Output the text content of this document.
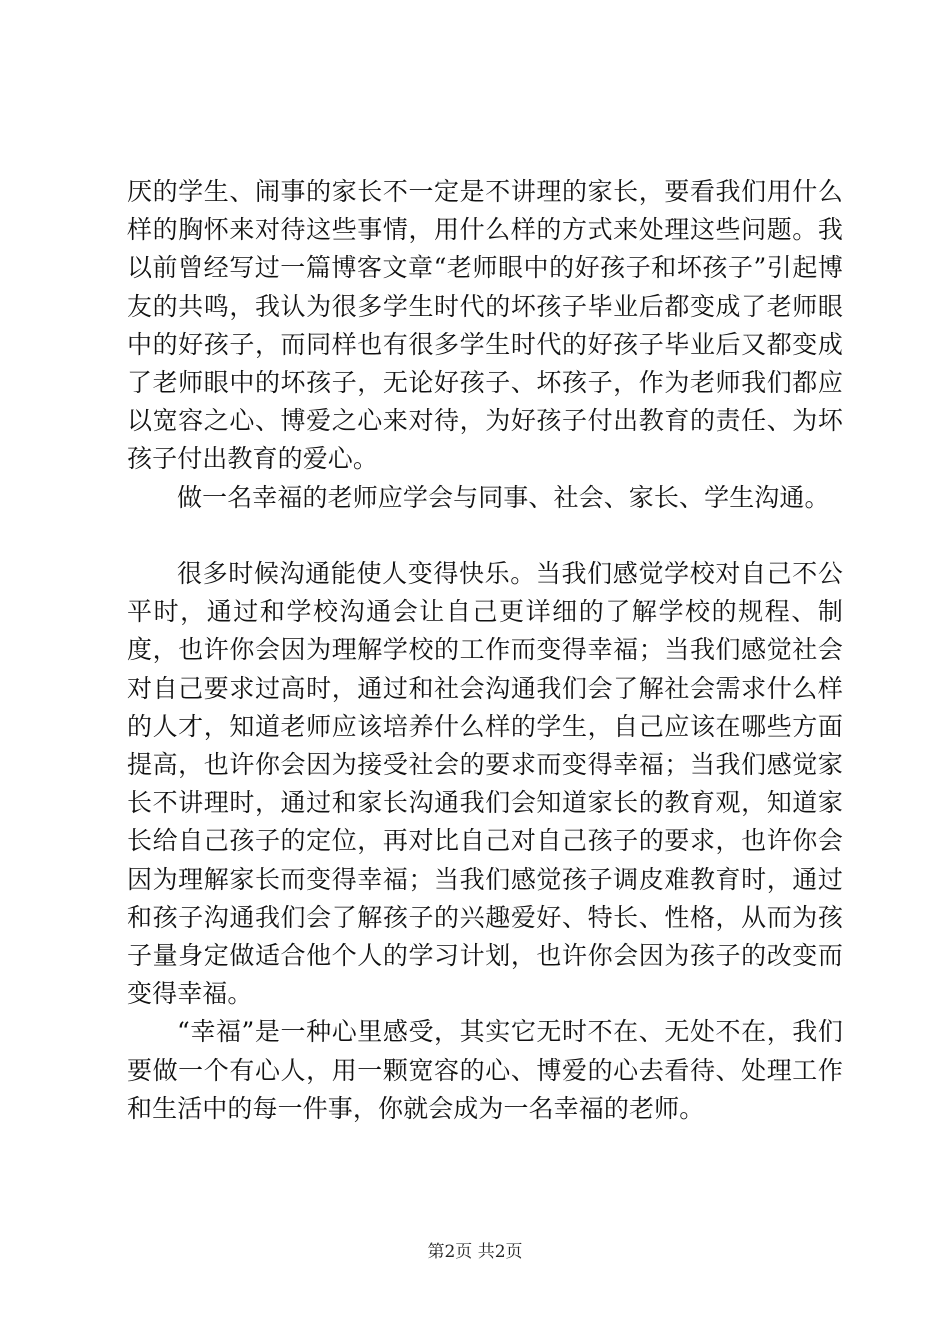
厌的学生、闹事的家长不一定是不讲理的家长，要看我们用什么样的胸怀来对待这些事情，用什么样的方式来处理这些问题。我以前曾经写过一篇博客文章“老师眼中的好孩子和坏孩子”引起博友的共鸣，我认为很多学生时代的坏孩子毕业后都变成了老师眼中的好孩子，而同样也有很多学生时代的好孩子毕业后又都变成了老师眼中的坏孩子，无论好孩子、坏孩子，作为老师我们都应以宽容之心、博爱之心来对待，为好孩子付出教育的责任、为坏孩子付出教育的爱心。

做一名幸福的老师应学会与同事、社会、家长、学生沟通。

很多时候沟通能使人变得快乐。当我们感觉学校对自己不公平时，通过和学校沟通会让自己更详细的了解学校的规程、制度，也许你会因为理解学校的工作而变得幸福；当我们感觉社会对自己要求过高时，通过和社会沟通我们会了解社会需求什么样的人才，知道老师应该培养什么样的学生，自己应该在哪些方面提高，也许你会因为接受社会的要求而变得幸福；当我们感觉家长不讲理时，通过和家长沟通我们会知道家长的教育观，知道家长给自己孩子的定位，再对比自己对自己孩子的要求，也许你会因为理解家长而变得幸福；当我们感觉孩子调皮难教育时，通过和孩子沟通我们会了解孩子的兴趣爱好、特长、性格，从而为孩子量身定做适合他个人的学习计划，也许你会因为孩子的改变而变得幸福。

“幸福”是一种心里感受，其实它无时不在、无处不在，我们要做一个有心人，用一颗宽容的心、博爱的心去看待、处理工作和生活中的每一件事，你就会成为一名幸福的老师。

第2页 共2页
